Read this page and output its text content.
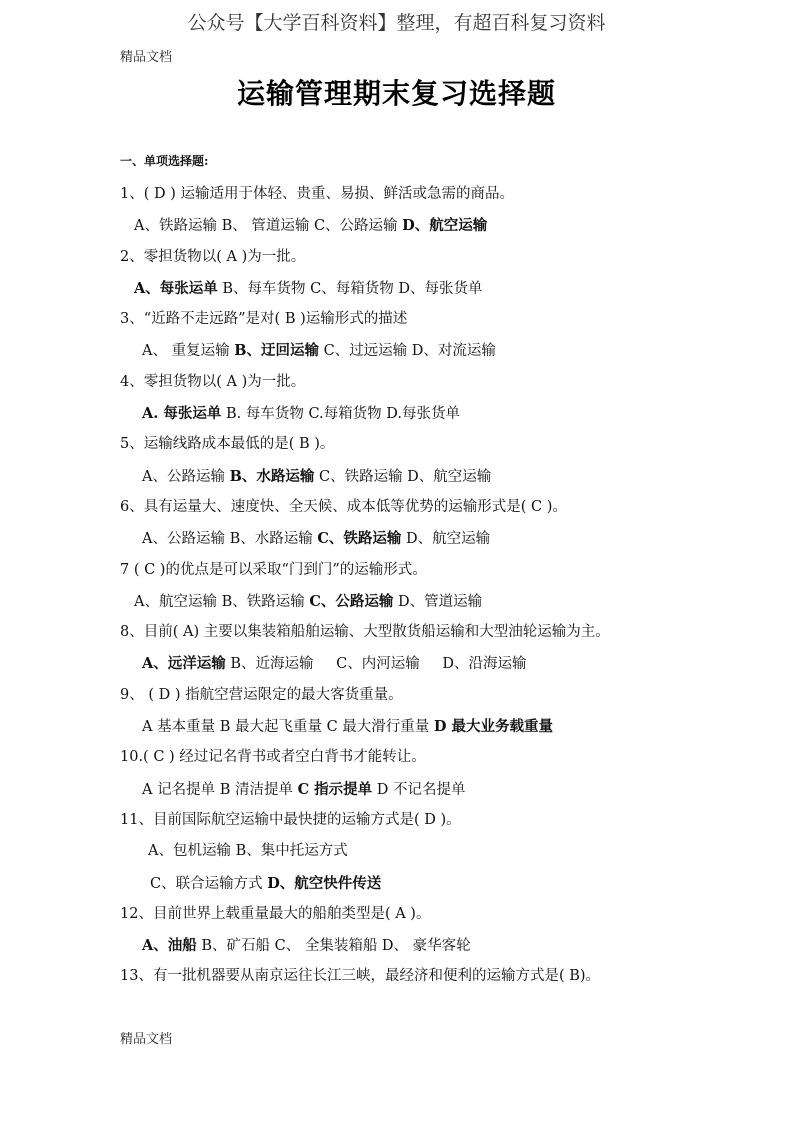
公众号【大学百科资料】整理，有超百科复习资料
精品文档
运输管理期末复习选择题
一、单项选择题:
1、( D ) 运输适用于体轻、贵重、易损、鲜活或急需的商品。
A、铁路运输 B、 管道运输 C、公路运输 D、航空运输
2、零担货物以( A )为一批。
A、每张运单 B、每车货物 C、每箱货物 D、每张货单
3、“近路不走远路”是对( B )运输形式的描述
A、 重复运输 B、迂回运输 C、过远运输 D、对流运输
4、零担货物以( A )为一批。
A. 每张运单 B. 每车货物 C.每箱货物 D.每张货单
5、运输线路成本最低的是( B )。
A、公路运输 B、水路运输 C、铁路运输 D、航空运输
6、具有运量大、速度快、全天候、成本低等优势的运输形式是( C )。
A、公路运输 B、水路运输 C、铁路运输 D、航空运输
7 ( C )的优点是可以采取“门到门”的运输形式。
A、航空运输 B、铁路运输 C、公路运输 D、管道运输
8、目前( A) 主要以集装箱船舶运输、大型散货船运输和大型油轮运输为主。
A、远洋运输 B、近海运输 C、内河运输 D、沿海运输
9、 ( D ) 指航空营运限定的最大客货重量。
A 基本重量 B 最大起飞重量 C 最大滑行重量 D 最大业务载重量
10.( C ) 经过记名背书或者空白背书才能转让。
A 记名提单 B 清洁提单 C 指示提单 D 不记名提单
11、目前国际航空运输中最快捷的运输方式是( D )。
A、包机运输 B、集中托运方式
C、联合运输方式 D、航空快件传送
12、目前世界上载重量最大的船舶类型是( A )。
A、油船 B、矿石船 C、 全集装箱船 D、 豪华客轮
13、有一批机器要从南京运往长江三峡，最经济和便利的运输方式是( B)。
精品文档
